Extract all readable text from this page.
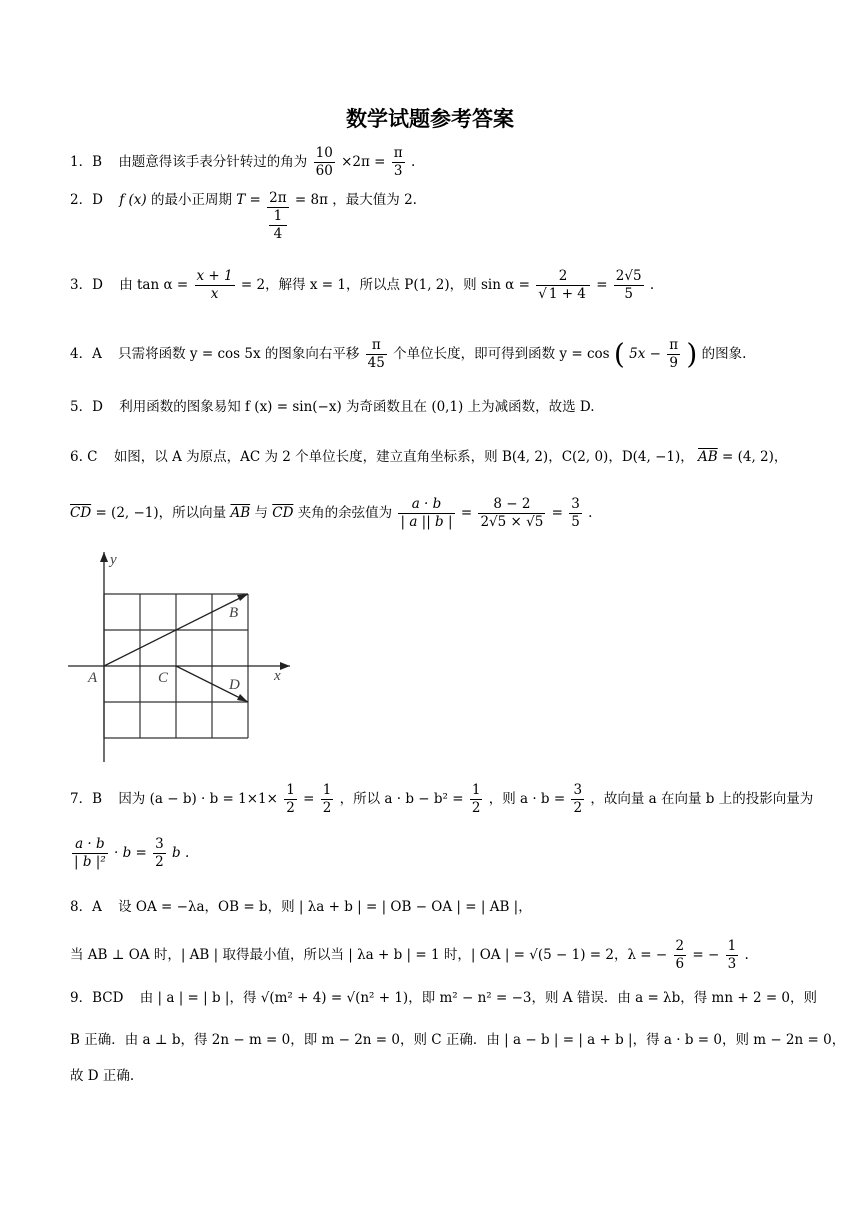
数学试题参考答案
1．B 由题意得该手表分针转过的角为 $\frac{10}{60} \times 2\pi = \frac{\pi}{3}$ .
2．D f (x) 的最小正周期 T = 2π
1
4 = 8π ，最大值为 2.
3．D 由 $\tan \alpha = \frac{x + 1}{x} = 2$，解得 x = 1，所以点 P(1, 2)，则 $\sin \alpha = \frac{2}{√ 1 + 4} = \frac{2√5}{5}$ .
4．A 只需将函数 y = cos 5x 的图象向右平移 $\frac{\pi}{45}$ 个单位长度，即可得到函数 y = cos ( $5x - \frac{\pi}{9}$ ) 的图象.
5．D 利用函数的图象易知 f (x) = sin(−x) 为奇函数且在 (0,1) 上为减函数，故选 D.
6. C 如图，以 A 为原点，AC 为 2 个单位长度，建立直角坐标系，则 B(4, 2)，C(2, 0)，D(4, −1)， $\overline{AB} = (4$, 2)，
$\overline{CD} = (2$, −1)，所以向量 $\overline{AB}$ 与 $\overline{CD}$ 夹角的余弦值为 $\frac{a \cdot b}{| a || b |} = \frac{8 - 2}{2√5 \times √5} = \frac{3}{5}$ .
y
x
A
B
C	D
7．B 因为 $(a - b) \cdot b = 1\times 1\times \frac{1}{2} = \frac{1}{2}$ ，所以 $a \cdot b - b^2 = \frac{1}{2}$ ，则 $a \cdot b = \frac{3}{2}$ ，故向量 a 在向量 b 上的投影向量为
$\frac{a \cdot b}{\text{| b |²}} \cdot b = \frac{3}{2}$ b .
8．A 设 OA = −λa，OB = b，则 | λa + b | = | OB − OA | = | AB |，
当 AB ⊥ OA 时，| AB | 取得最小值，所以当 | λa + b | = 1 时，| OA | = √(5 − 1) = 2，λ = − $\frac{2}{6}$ = − $\frac{1}{3}$ .
9．BCD 由 | a | = | b |，得 √(m² + 4) = √(n² + 1)，即 m² − n² = −3，则 A 错误．由 a = λb，得 mn + 2 = 0，则
B 正确．由 a ⊥ b，得 2n − m = 0，即 m − 2n = 0，则 C 正确．由 | a − b | = | a + b |，得 a · b = 0，则 m − 2n = 0，
故 D 正确.
